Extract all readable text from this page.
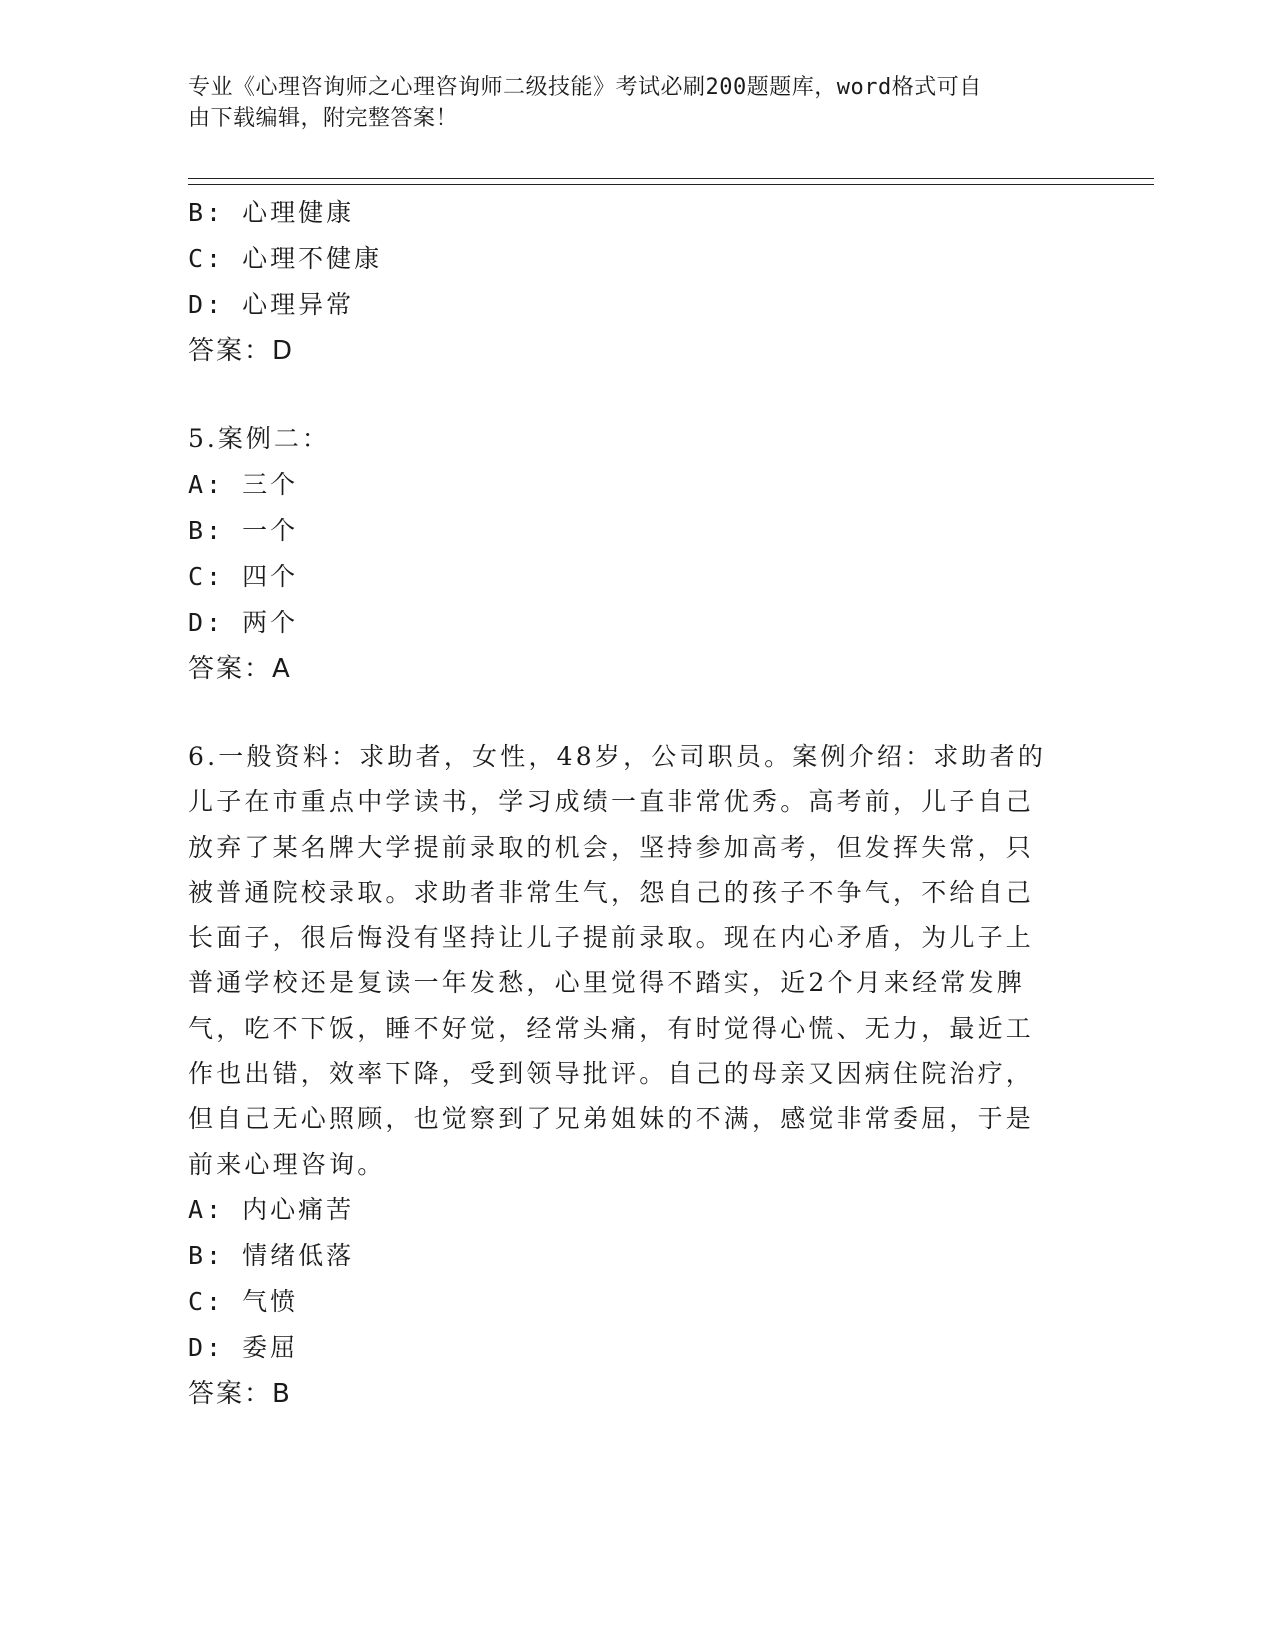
专业《心理咨询师之心理咨询师二级技能》考试必刷200题题库，word格式可自
由下载编辑，附完整答案！
B: 心理健康
C: 心理不健康
D: 心理异常
答案：D
5.案例二：
A: 三个
B: 一个
C: 四个
D: 两个
答案：A
6.一般资料：求助者，女性，48岁，公司职员。案例介绍：求助者的
儿子在市重点中学读书，学习成绩一直非常优秀。高考前，儿子自己
放弃了某名牌大学提前录取的机会，坚持参加高考，但发挥失常，只
被普通院校录取。求助者非常生气，怨自己的孩子不争气，不给自己
长面子，很后悔没有坚持让儿子提前录取。现在内心矛盾，为儿子上
普通学校还是复读一年发愁，心里觉得不踏实，近2个月来经常发脾
气，吃不下饭，睡不好觉，经常头痛，有时觉得心慌、无力，最近工
作也出错，效率下降，受到领导批评。自己的母亲又因病住院治疗，
但自己无心照顾，也觉察到了兄弟姐妹的不满，感觉非常委屈，于是
前来心理咨询。
A: 内心痛苦
B: 情绪低落
C: 气愤
D: 委屈
答案：B
